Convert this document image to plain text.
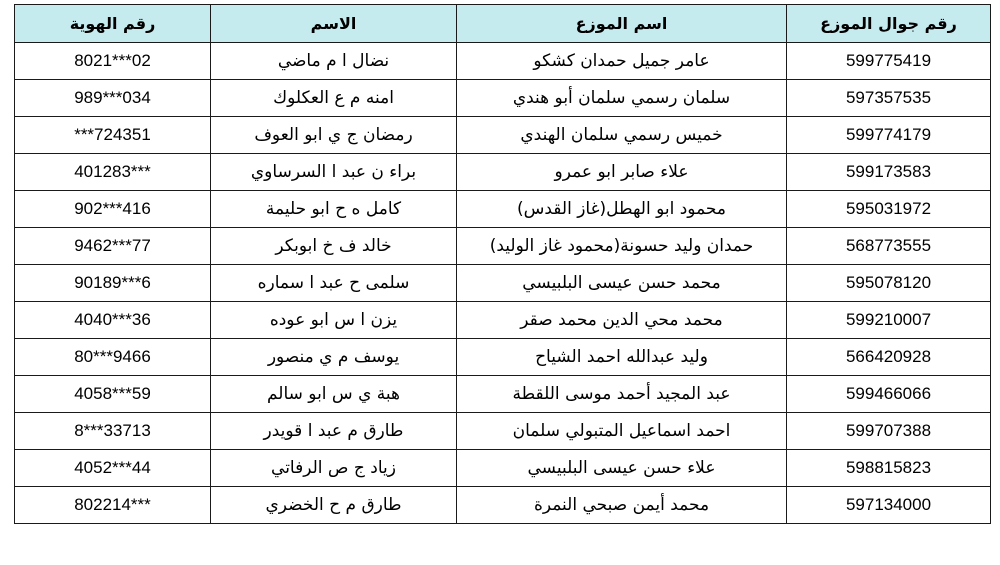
رقم جوال الموزع	اسم الموزع	الاسم	رقم الهوية
599775419	عامر جميل حمدان كشكو	نضال ا م ماضي	8021***02
597357535	سلمان رسمي سلمان أبو هندي	امنه م ع العكلوك	989***034
599774179	خميس رسمي سلمان الهندي	رمضان ج ي ابو العوف	***724351
599173583	علاء صابر ابو عمرو	براء ن عبد ا السرساوي	401283***
595031972	محمود ابو الهطل(غاز القدس)	كامل ه ح ابو حليمة	902***416
568773555	حمدان وليد حسونة(محمود غاز الوليد)	خالد ف خ ابوبكر	9462***77
595078120	محمد حسن عيسى البلبيسي	سلمى ح عبد ا سماره	90189***6
599210007	محمد محي الدين محمد صقر	يزن ا س ابو عوده	4040***36
566420928	وليد عبدالله احمد الشياح	يوسف م ي منصور	80***9466
599466066	عبد المجيد أحمد موسى اللقطة	هبة ي س ابو سالم	4058***59
599707388	احمد اسماعيل المتبولي سلمان	طارق م عبد ا قويدر	8***33713
598815823	علاء حسن عيسى البلبيسي	زياد ج ص الرفاتي	4052***44
597134000	محمد أيمن صبحي النمرة	طارق م ح الخضري	802214***
